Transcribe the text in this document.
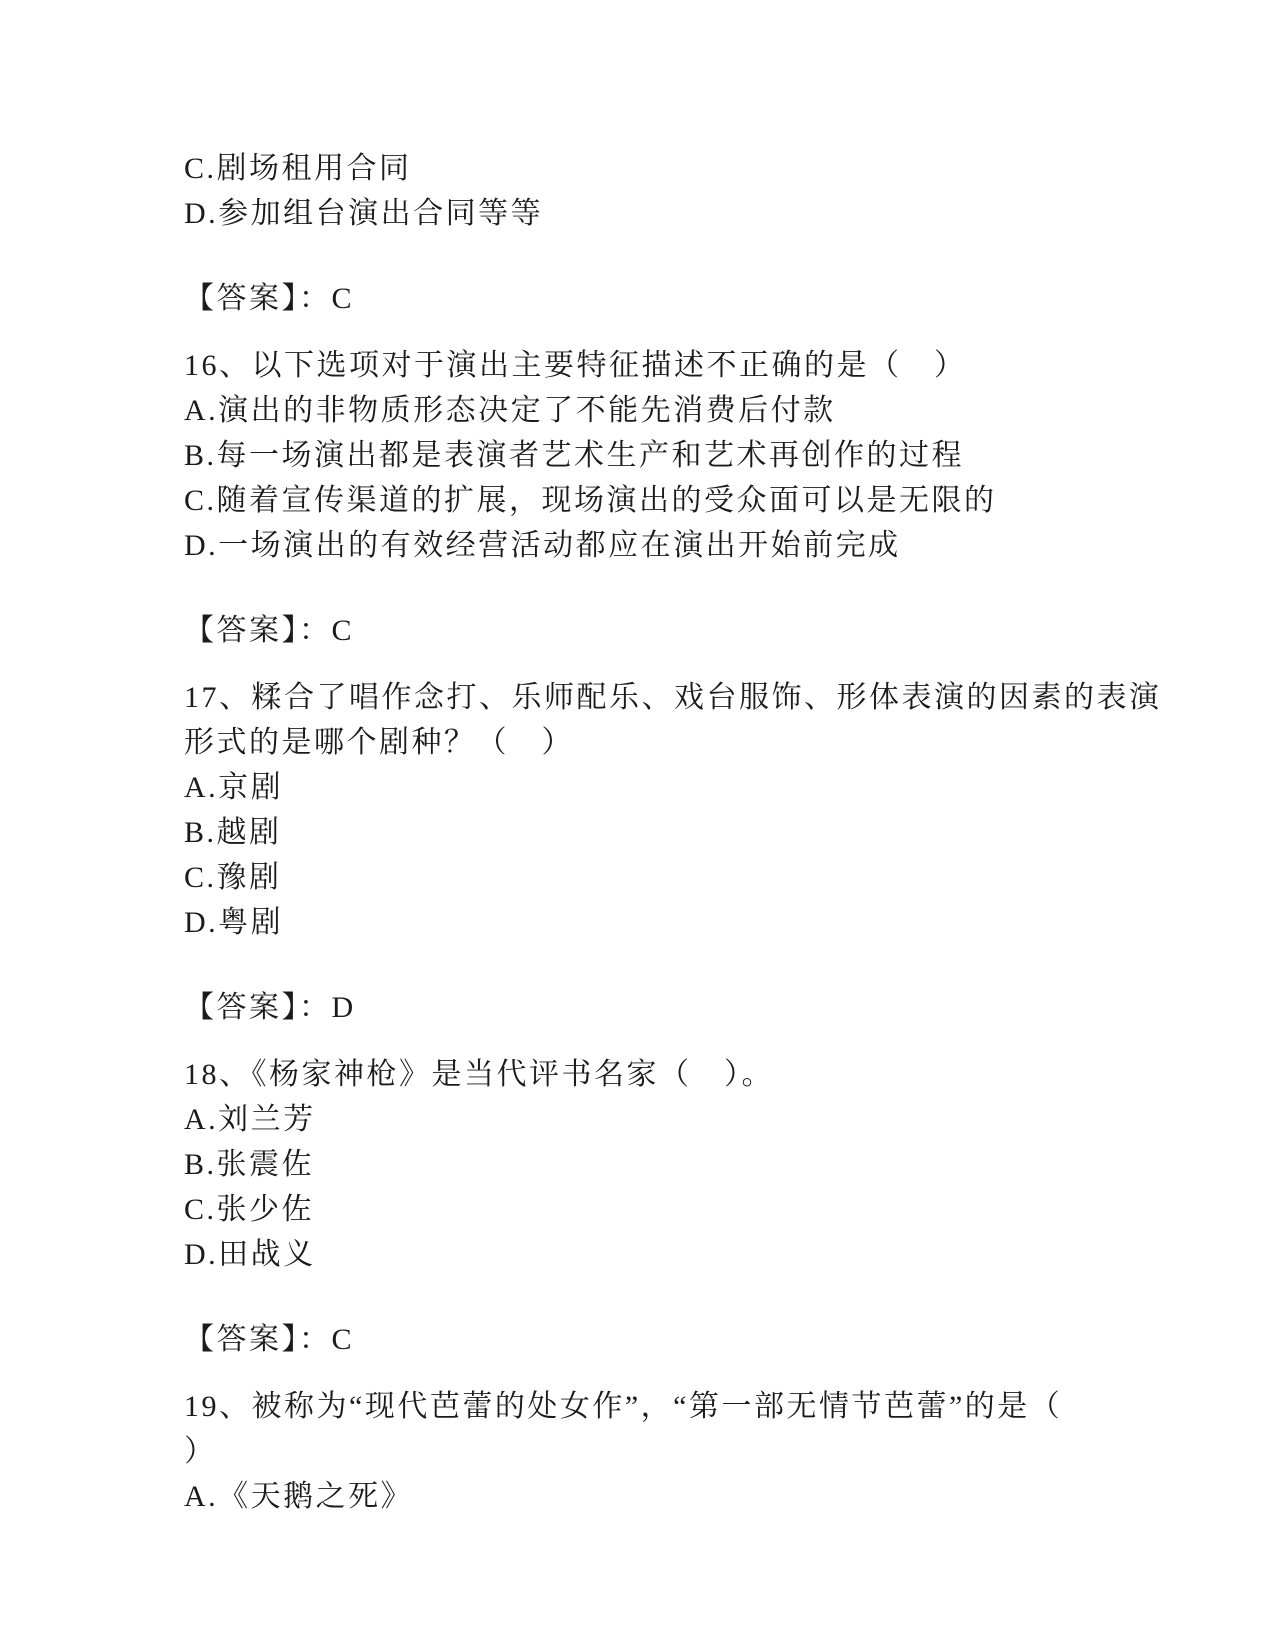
C.剧场租用合同

D.参加组台演出合同等等

【答案】：C

16、以下选项对于演出主要特征描述不正确的是（　）

A.演出的非物质形态决定了不能先消费后付款

B.每一场演出都是表演者艺术生产和艺术再创作的过程

C.随着宣传渠道的扩展，现场演出的受众面可以是无限的

D.一场演出的有效经营活动都应在演出开始前完成

【答案】：C

17、糅合了唱作念打、乐师配乐、戏台服饰、形体表演的因素的表演

形式的是哪个剧种？（　）

A.京剧

B.越剧

C.豫剧

D.粤剧

【答案】：D

18、《杨家神枪》是当代评书名家（　）。

A.刘兰芳

B.张震佐

C.张少佐

D.田战义

【答案】：C

19、被称为“现代芭蕾的处女作”，“第一部无情节芭蕾”的是（

）

A.《天鹅之死》
